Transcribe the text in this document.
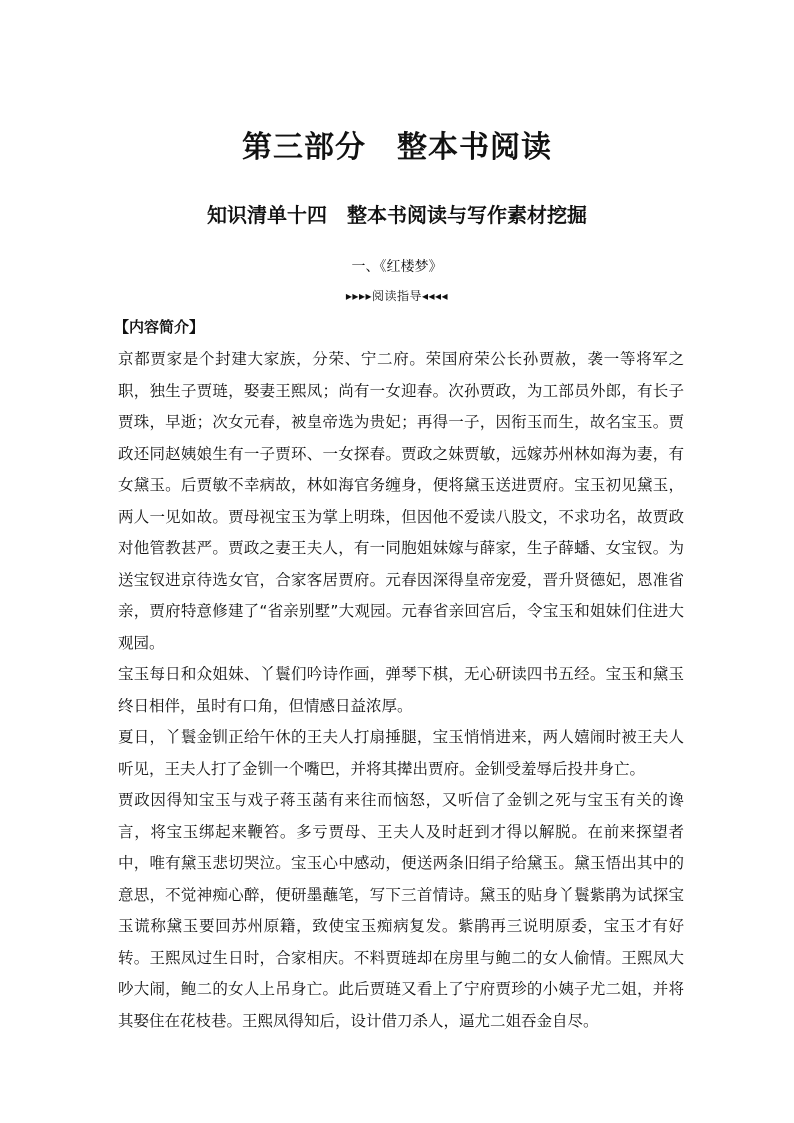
第三部分　整本书阅读
知识清单十四　整本书阅读与写作素材挖掘
一、《红楼梦》
▸▸▸▸阅读指导◂◂◂◂
【内容简介】

京都贾家是个封建大家族，分荣、宁二府。荣国府荣公长孙贾赦，袭一等将军之职，独生子贾琏，娶妻王熙凤；尚有一女迎春。次孙贾政，为工部员外郎，有长子贾珠，早逝；次女元春，被皇帝选为贵妃；再得一子，因衔玉而生，故名宝玉。贾政还同赵姨娘生有一子贾环、一女探春。贾政之妹贾敏，远嫁苏州林如海为妻，有女黛玉。后贾敏不幸病故，林如海官务缠身，便将黛玉送进贾府。宝玉初见黛玉，两人一见如故。贾母视宝玉为掌上明珠，但因他不爱读八股文，不求功名，故贾政对他管教甚严。贾政之妻王夫人，有一同胞姐妹嫁与薛家，生子薛蟠、女宝钗。为送宝钗进京待选女官，合家客居贾府。元春因深得皇帝宠爱，晋升贤德妃，恩准省亲，贾府特意修建了“省亲别墅”大观园。元春省亲回宫后，令宝玉和姐妹们住进大观园。

宝玉每日和众姐妹、丫鬟们吟诗作画，弹琴下棋，无心研读四书五经。宝玉和黛玉终日相伴，虽时有口角，但情感日益浓厚。

夏日，丫鬟金钏正给午休的王夫人打扇捶腿，宝玉悄悄进来，两人嬉闹时被王夫人听见，王夫人打了金钏一个嘴巴，并将其撵出贾府。金钏受羞辱后投井身亡。

贾政因得知宝玉与戏子蒋玉菡有来往而恼怒，又听信了金钏之死与宝玉有关的谗言，将宝玉绑起来鞭笞。多亏贾母、王夫人及时赶到才得以解脱。在前来探望者中，唯有黛玉悲切哭泣。宝玉心中感动，便送两条旧绢子给黛玉。黛玉悟出其中的意思，不觉神痴心醉，便研墨蘸笔，写下三首情诗。黛玉的贴身丫鬟紫鹃为试探宝玉谎称黛玉要回苏州原籍，致使宝玉痴病复发。紫鹃再三说明原委，宝玉才有好转。王熙凤过生日时，合家相庆。不料贾琏却在房里与鲍二的女人偷情。王熙凤大吵大闹，鲍二的女人上吊身亡。此后贾琏又看上了宁府贾珍的小姨子尤二姐，并将其娶住在花枝巷。王熙凤得知后，设计借刀杀人，逼尤二姐吞金自尽。
